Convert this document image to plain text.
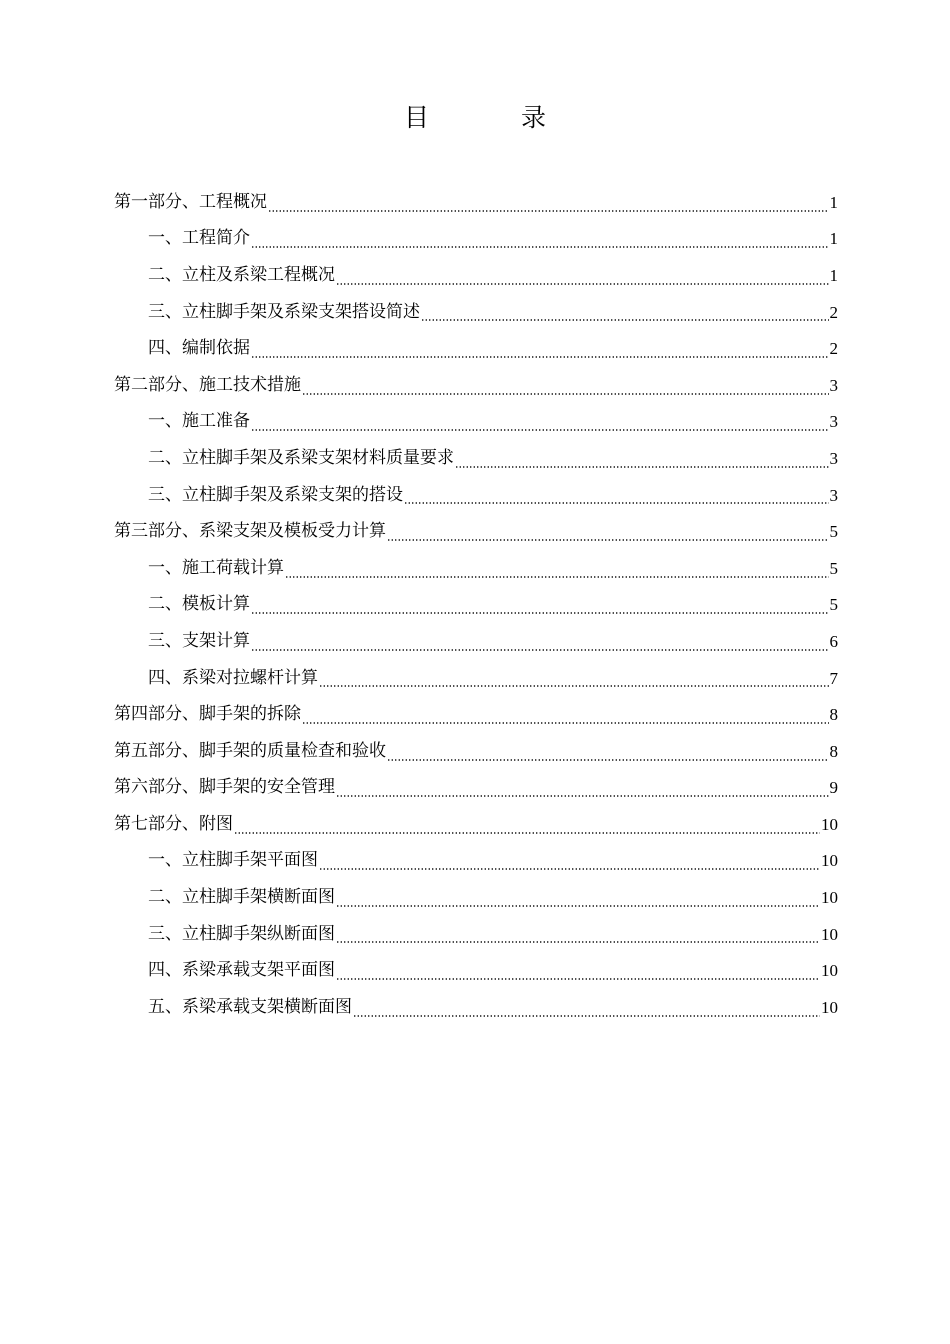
目	录
第一部分、工程概况	1
一、工程简介	1
二、立柱及系梁工程概况	1
三、立柱脚手架及系梁支架搭设简述	2
四、编制依据	2
第二部分、施工技术措施	3
一、施工准备	3
二、立柱脚手架及系梁支架材料质量要求	3
三、立柱脚手架及系梁支架的搭设	3
第三部分、系梁支架及模板受力计算	5
一、施工荷载计算	5
二、模板计算	5
三、支架计算	6
四、系梁对拉螺杆计算	7
第四部分、脚手架的拆除	8
第五部分、脚手架的质量检查和验收	8
第六部分、脚手架的安全管理	9
第七部分、附图	10
一、立柱脚手架平面图	10
二、立柱脚手架横断面图	10
三、立柱脚手架纵断面图	10
四、系梁承载支架平面图	10
五、系梁承载支架横断面图	10
